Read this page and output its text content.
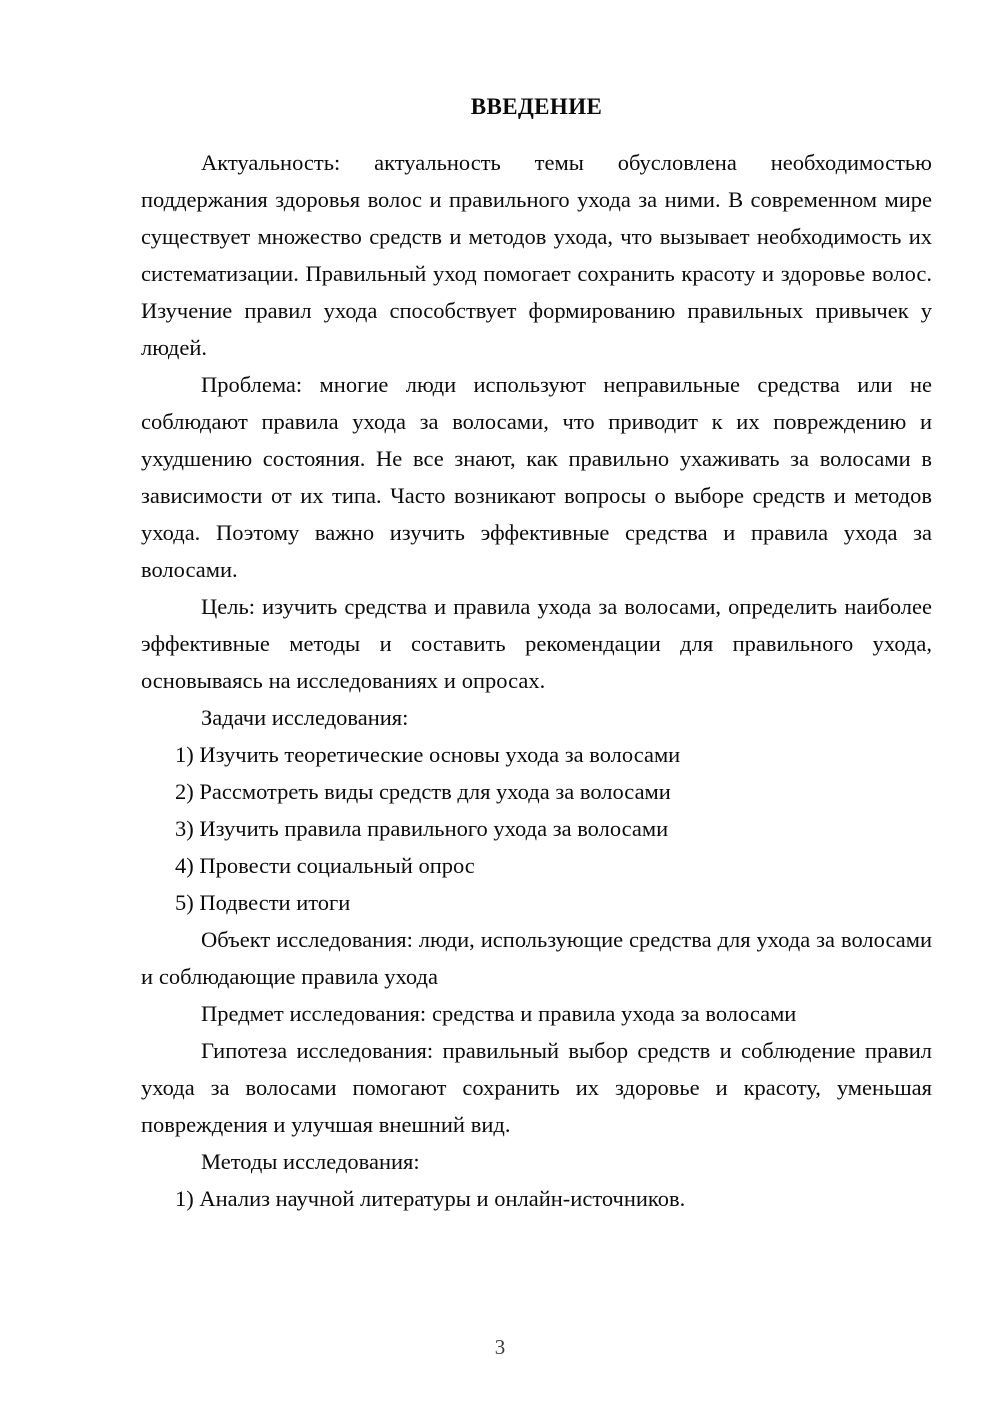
ВВЕДЕНИЕ

Актуальность: актуальность темы обусловлена необходимостью поддержания здоровья волос и правильного ухода за ними. В современном мире существует множество средств и методов ухода, что вызывает необходимость их систематизации. Правильный уход помогает сохранить красоту и здоровье волос. Изучение правил ухода способствует формированию правильных привычек у людей.

Проблема: многие люди используют неправильные средства или не соблюдают правила ухода за волосами, что приводит к их повреждению и ухудшению состояния. Не все знают, как правильно ухаживать за волосами в зависимости от их типа. Часто возникают вопросы о выборе средств и методов ухода. Поэтому важно изучить эффективные средства и правила ухода за волосами.

Цель: изучить средства и правила ухода за волосами, определить наиболее эффективные методы и составить рекомендации для правильного ухода, основываясь на исследованиях и опросах.

Задачи исследования:

1) Изучить теоретические основы ухода за волосами

2) Рассмотреть виды средств для ухода за волосами

3) Изучить правила правильного ухода за волосами

4) Провести социальный опрос

5) Подвести итоги

Объект исследования: люди, использующие средства для ухода за волосами и соблюдающие правила ухода

Предмет исследования: средства и правила ухода за волосами

Гипотеза исследования: правильный выбор средств и соблюдение правил ухода за волосами помогают сохранить их здоровье и красоту, уменьшая повреждения и улучшая внешний вид.

Методы исследования:

1) Анализ научной литературы и онлайн-источников.

3
